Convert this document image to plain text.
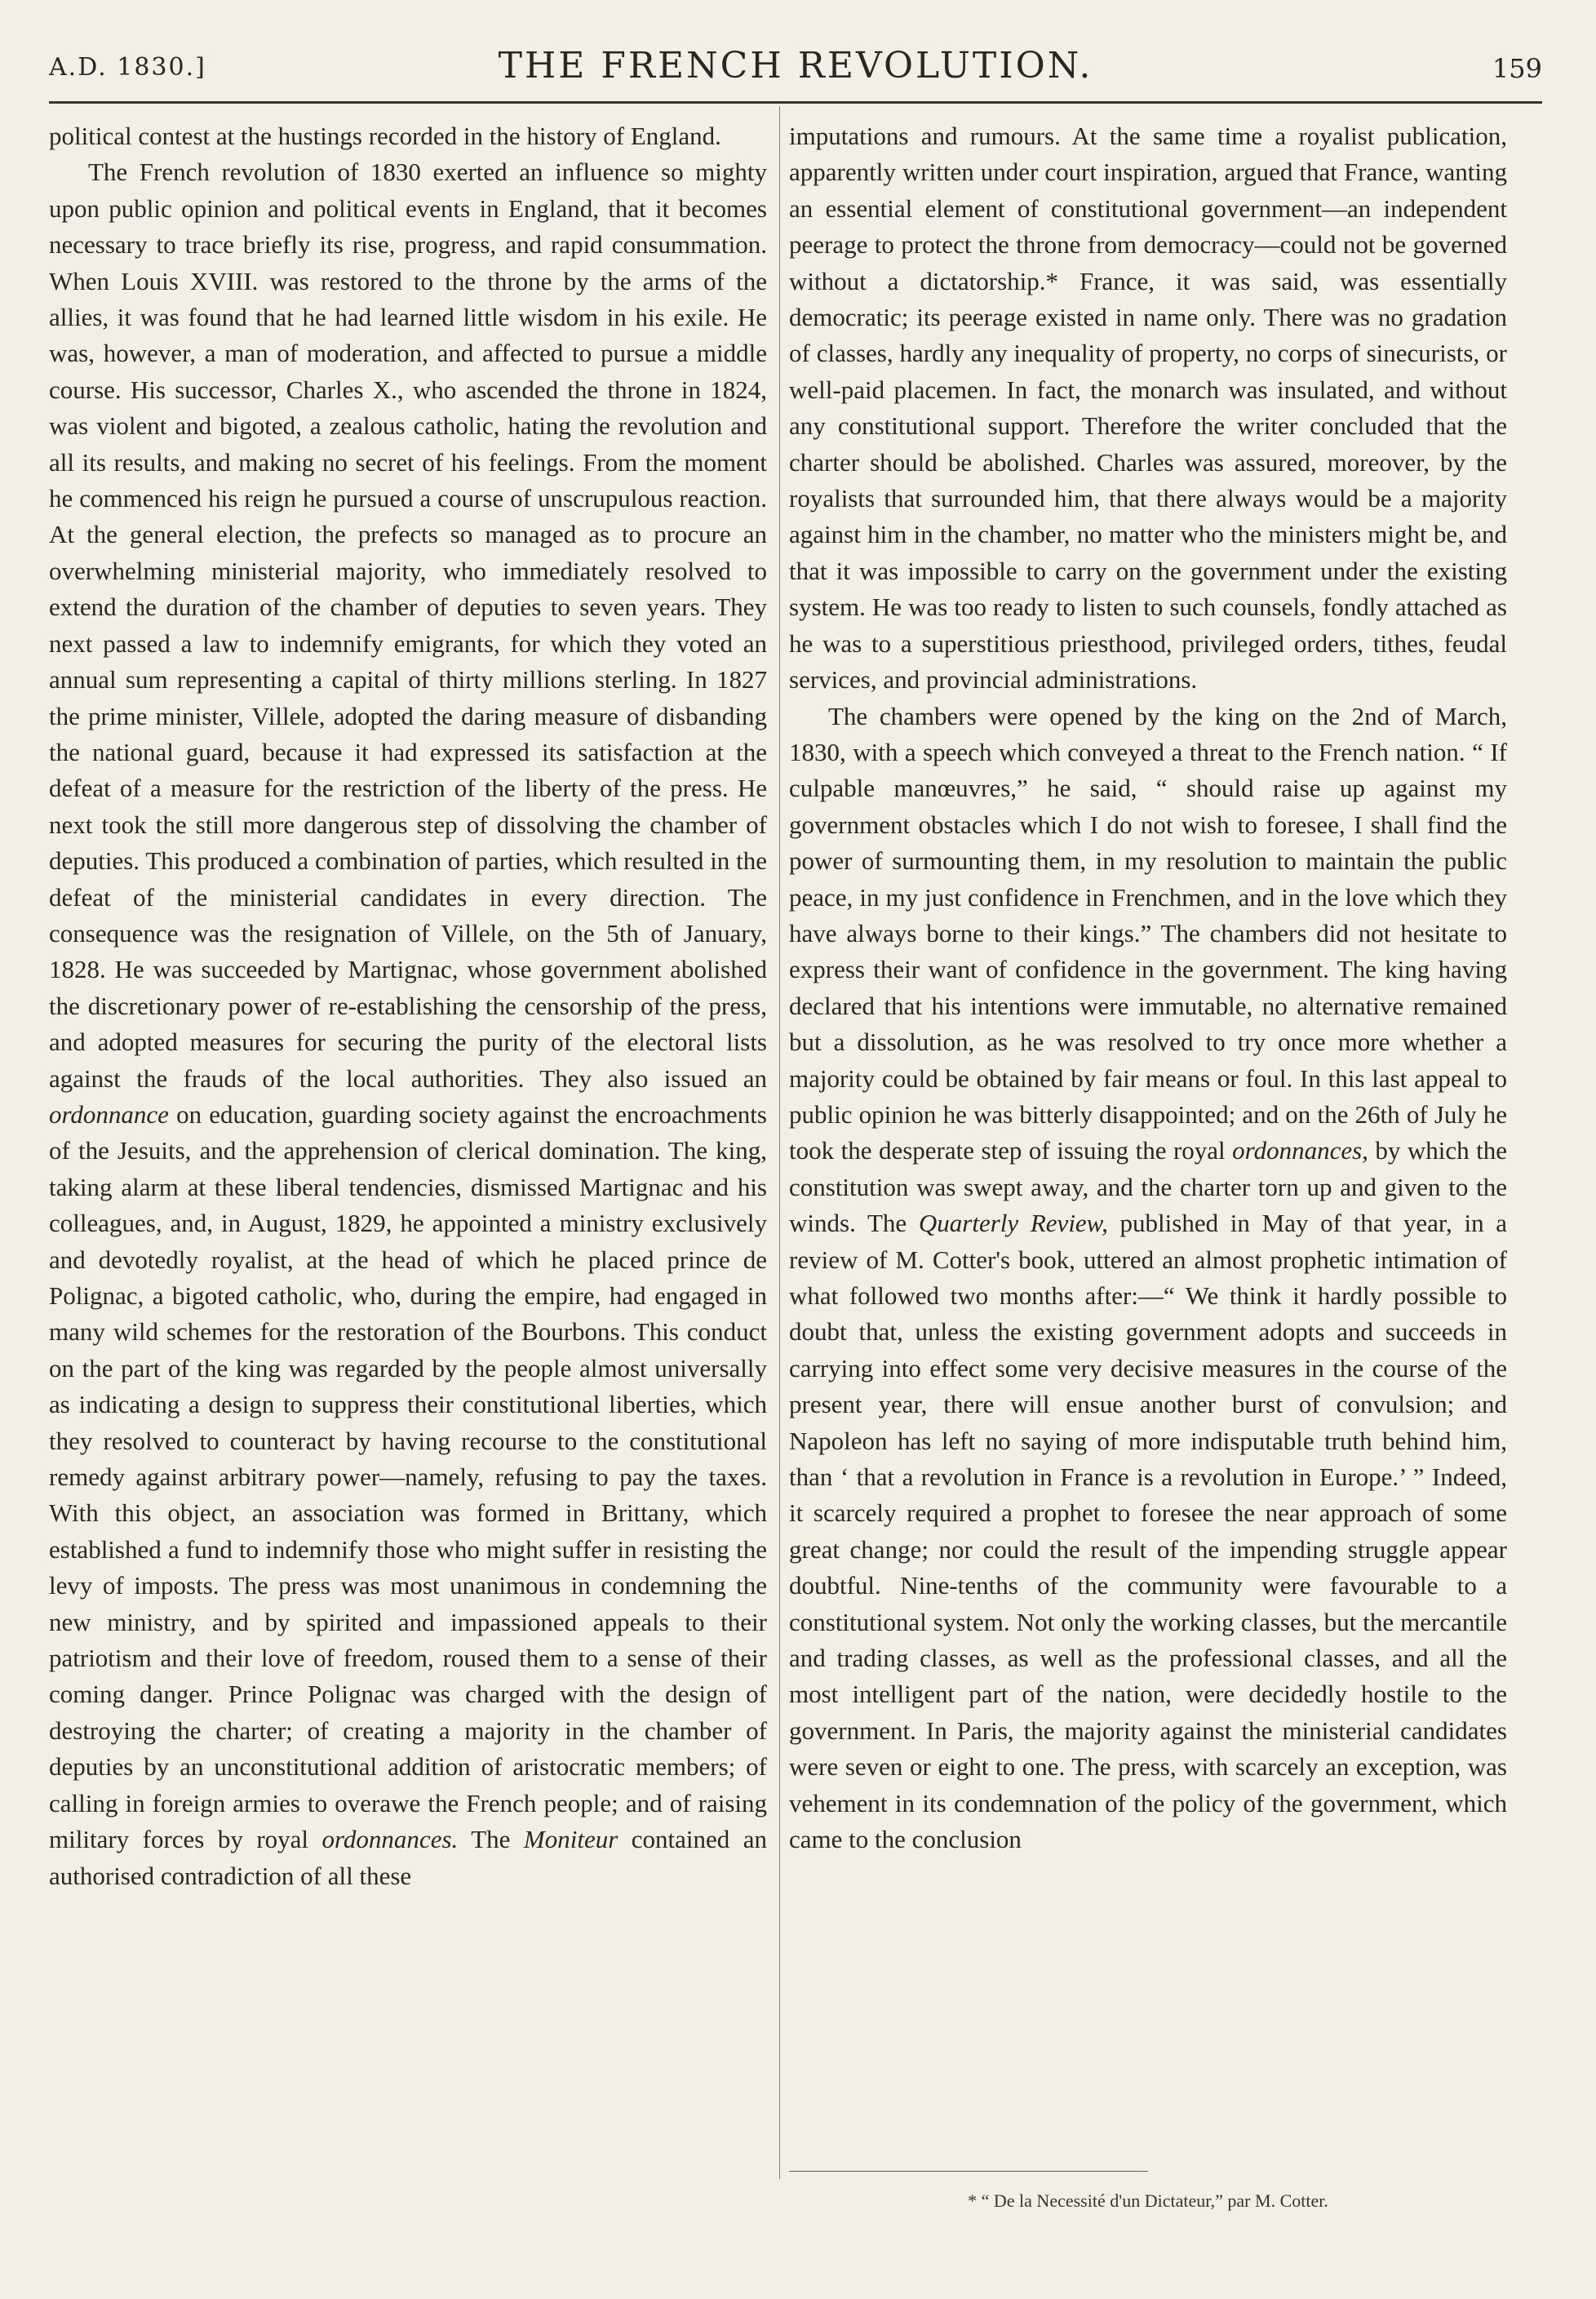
A.D. 1830.]	THE FRENCH REVOLUTION.	159

political contest at the hustings recorded in the history of England.

The French revolution of 1830 exerted an influence so mighty upon public opinion and political events in England, that it becomes necessary to trace briefly its rise, progress, and rapid consummation. When Louis XVIII. was restored to the throne by the arms of the allies, it was found that he had learned little wisdom in his exile. He was, however, a man of moderation, and affected to pursue a middle course. His successor, Charles X., who ascended the throne in 1824, was violent and bigoted, a zealous catholic, hating the revolution and all its results, and making no secret of his feelings. From the moment he commenced his reign he pursued a course of unscrupulous reaction. At the general election, the prefects so managed as to procure an overwhelming ministerial majority, who immediately resolved to extend the duration of the chamber of deputies to seven years. They next passed a law to indemnify emigrants, for which they voted an annual sum representing a capital of thirty millions sterling. In 1827 the prime minister, Villele, adopted the daring measure of disbanding the national guard, because it had expressed its satisfaction at the defeat of a measure for the restriction of the liberty of the press. He next took the still more dangerous step of dissolving the chamber of deputies. This produced a combination of parties, which resulted in the defeat of the ministerial candidates in every direction. The consequence was the resignation of Villele, on the 5th of January, 1828. He was succeeded by Martignac, whose government abolished the discretionary power of re-establishing the censorship of the press, and adopted measures for securing the purity of the electoral lists against the frauds of the local authorities. They also issued an ordonnance on education, guarding society against the encroachments of the Jesuits, and the apprehension of clerical domination. The king, taking alarm at these liberal tendencies, dismissed Martignac and his colleagues, and, in August, 1829, he appointed a ministry exclusively and devotedly royalist, at the head of which he placed prince de Polignac, a bigoted catholic, who, during the empire, had engaged in many wild schemes for the restoration of the Bourbons. This conduct on the part of the king was regarded by the people almost universally as indicating a design to suppress their constitutional liberties, which they resolved to counteract by having recourse to the constitutional remedy against arbitrary power—namely, refusing to pay the taxes. With this object, an association was formed in Brittany, which established a fund to indemnify those who might suffer in resisting the levy of imposts. The press was most unanimous in condemning the new ministry, and by spirited and impassioned appeals to their patriotism and their love of freedom, roused them to a sense of their coming danger. Prince Polignac was charged with the design of destroying the charter; of creating a majority in the chamber of deputies by an unconstitutional addition of aristocratic members; of calling in foreign armies to overawe the French people; and of raising military forces by royal ordonnances. The Moniteur contained an authorised contradiction of all these

imputations and rumours. At the same time a royalist publication, apparently written under court inspiration, argued that France, wanting an essential element of constitutional government—an independent peerage to protect the throne from democracy—could not be governed without a dictatorship.* France, it was said, was essentially democratic; its peerage existed in name only. There was no gradation of classes, hardly any inequality of property, no corps of sinecurists, or well-paid placemen. In fact, the monarch was insulated, and without any constitutional support. Therefore the writer concluded that the charter should be abolished. Charles was assured, moreover, by the royalists that surrounded him, that there always would be a majority against him in the chamber, no matter who the ministers might be, and that it was impossible to carry on the government under the existing system. He was too ready to listen to such counsels, fondly attached as he was to a superstitious priesthood, privileged orders, tithes, feudal services, and provincial administrations.

The chambers were opened by the king on the 2nd of March, 1830, with a speech which conveyed a threat to the French nation. “ If culpable manœuvres,” he said, “ should raise up against my government obstacles which I do not wish to foresee, I shall find the power of surmounting them, in my resolution to maintain the public peace, in my just confidence in Frenchmen, and in the love which they have always borne to their kings.” The chambers did not hesitate to express their want of confidence in the government. The king having declared that his intentions were immutable, no alternative remained but a dissolution, as he was resolved to try once more whether a majority could be obtained by fair means or foul. In this last appeal to public opinion he was bitterly disappointed; and on the 26th of July he took the desperate step of issuing the royal ordonnances, by which the constitution was swept away, and the charter torn up and given to the winds. The Quarterly Review, published in May of that year, in a review of M. Cotter's book, uttered an almost prophetic intimation of what followed two months after:—“ We think it hardly possible to doubt that, unless the existing government adopts and succeeds in carrying into effect some very decisive measures in the course of the present year, there will ensue another burst of convulsion; and Napoleon has left no saying of more indisputable truth behind him, than ‘ that a revolution in France is a revolution in Europe.’ ” Indeed, it scarcely required a prophet to foresee the near approach of some great change; nor could the result of the impending struggle appear doubtful. Nine-tenths of the community were favourable to a constitutional system. Not only the working classes, but the mercantile and trading classes, as well as the professional classes, and all the most intelligent part of the nation, were decidedly hostile to the government. In Paris, the majority against the ministerial candidates were seven or eight to one. The press, with scarcely an exception, was vehement in its condemnation of the policy of the government, which came to the conclusion

* “ De la Necessité d'un Dictateur,” par M. Cotter.
